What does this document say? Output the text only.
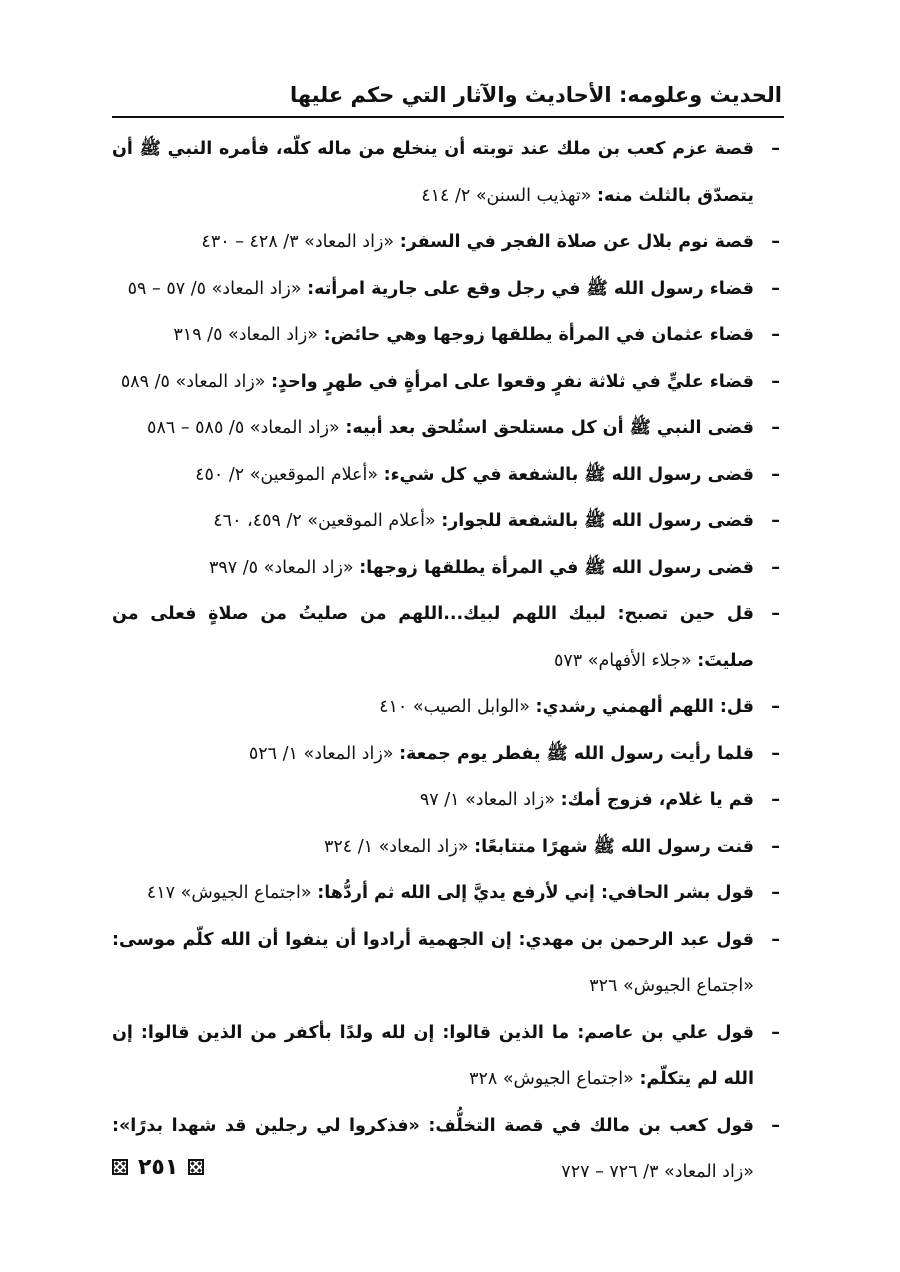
الحديث وعلومه: الأحاديث والآثار التي حكم عليها
–
قصة عزم كعب بن ملك عند توبته أن ينخلع من ماله كلّه، فأمره النبي ﷺ أن يتصدّق بالثلث منه: «تهذيب السنن» ٢/ ٤١٤
–
قصة نوم بلال عن صلاة الفجر في السفر: «زاد المعاد» ٣/ ٤٢٨ – ٤٣٠
–
قضاء رسول الله ﷺ في رجل وقع على جارية امرأته: «زاد المعاد» ٥/ ٥٧ – ٥٩
–
قضاء عثمان في المرأة يطلقها زوجها وهي حائض: «زاد المعاد» ٥/ ٣١٩
–
قضاء عليٍّ في ثلاثة نفرٍ وقعوا على امرأةٍ في طهرٍ واحدٍ: «زاد المعاد» ٥/ ٥٨٩
–
قضى النبي ﷺ أن كل مستلحق استُلحق بعد أبيه: «زاد المعاد» ٥/ ٥٨٥ – ٥٨٦
–
قضى رسول الله ﷺ بالشفعة في كل شيء: «أعلام الموقعين» ٢/ ٤٥٠
–
قضى رسول الله ﷺ بالشفعة للجوار: «أعلام الموقعين» ٢/ ٤٥٩، ٤٦٠
–
قضى رسول الله ﷺ في المرأة يطلقها زوجها: «زاد المعاد» ٥/ ٣٩٧
–
قل حين تصبح: لبيك اللهم لبيك...اللهم من صليتُ من صلاةٍ فعلى من صليتَ: «جلاء الأفهام» ٥٧٣
–
قل: اللهم ألهمني رشدي: «الوابل الصيب» ٤١٠
–
قلما رأيت رسول الله ﷺ يفطر يوم جمعة: «زاد المعاد» ١/ ٥٢٦
–
قم يا غلام، فزوج أمك: «زاد المعاد» ١/ ٩٧
–
قنت رسول الله ﷺ شهرًا متتابعًا: «زاد المعاد» ١/ ٣٢٤
–
قول بشر الحافي: إني لأرفع يديَّ إلى الله ثم أردُّها: «اجتماع الجيوش» ٤١٧
–
قول عبد الرحمن بن مهدي: إن الجهمية أرادوا أن ينفوا أن الله كلّم موسى: «اجتماع الجيوش» ٣٢٦
–
قول علي بن عاصم: ما الذين قالوا: إن لله ولدًا بأكفر من الذين قالوا: إن الله لم يتكلّم: «اجتماع الجيوش» ٣٢٨
–
قول كعب بن مالك في قصة التخلُّف: «فذكروا لي رجلين قد شهدا بدرًا»: «زاد المعاد» ٣/ ٧٢٦ – ٧٢٧
٢٥١
